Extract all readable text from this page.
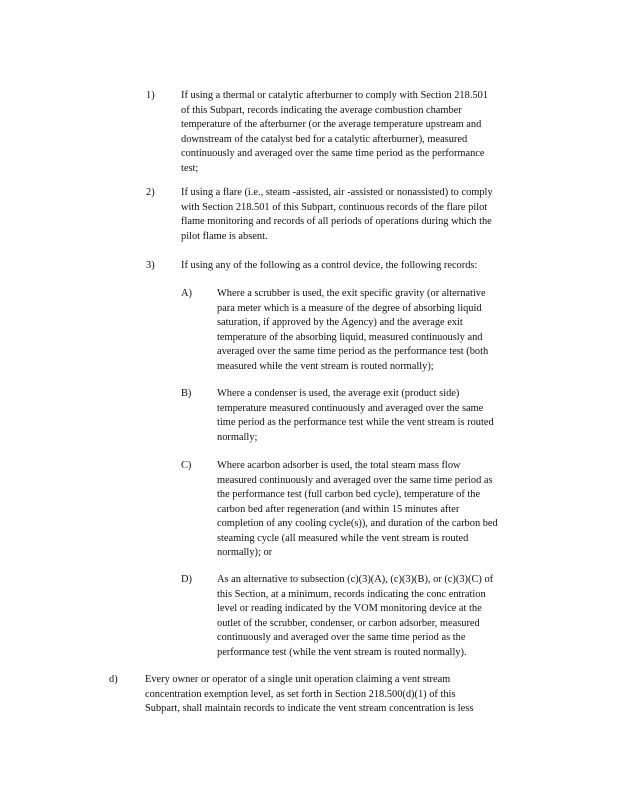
1)	If using a thermal or catalytic afterburner to comply with Section 218.501
of this Subpart, records indicating the average combustion chamber
temperature of the afterburner (or the average temperature upstream and
downstream of the catalyst bed for a catalytic afterburner), measured
continuously and averaged over the same time period as the performance
test;
2)	If using a flare (i.e., steam -assisted, air -assisted or nonassisted) to comply
with Section 218.501 of this Subpart, continuous records of the flare pilot
flame monitoring and records of all periods of operations during which the
pilot flame is absent.
3)	If using any of the following as a control device, the following records:
A) Where a scrubber is used, the exit specific gravity (or alternative
para meter which is a measure of the degree of absorbing liquid
saturation, if approved by the Agency) and the average exit
temperature of the absorbing liquid, measured continuously and
averaged over the same time period as the performance test (both
measured while the vent stream is routed normally);
B) Where a condenser is used, the average exit (product side)
temperature measured continuously and averaged over the same
time period as the performance test while the vent stream is routed
normally;
C) Where acarbon adsorber is used, the total steam mass flow
measured continuously and averaged over the same time period as
the performance test (full carbon bed cycle), temperature of the
carbon bed after regeneration (and within 15 minutes after
completion of any cooling cycle(s)), and duration of the carbon bed
steaming cycle (all measured while the vent stream is routed
normally); or
D) As an alternative to subsection (c)(3)(A), (c)(3)(B), or (c)(3)(C) of
this Section, at a minimum, records indicating the conc entration
level or reading indicated by the VOM monitoring device at the
outlet of the scrubber, condenser, or carbon adsorber, measured
continuously and averaged over the same time period as the
performance test (while the vent stream is routed normally).
d)	Every owner or operator of a single unit operation claiming a vent stream
concentration exemption level, as set forth in Section 218.500(d)(1) of this
Subpart, shall maintain records to indicate the vent stream concentration is less
